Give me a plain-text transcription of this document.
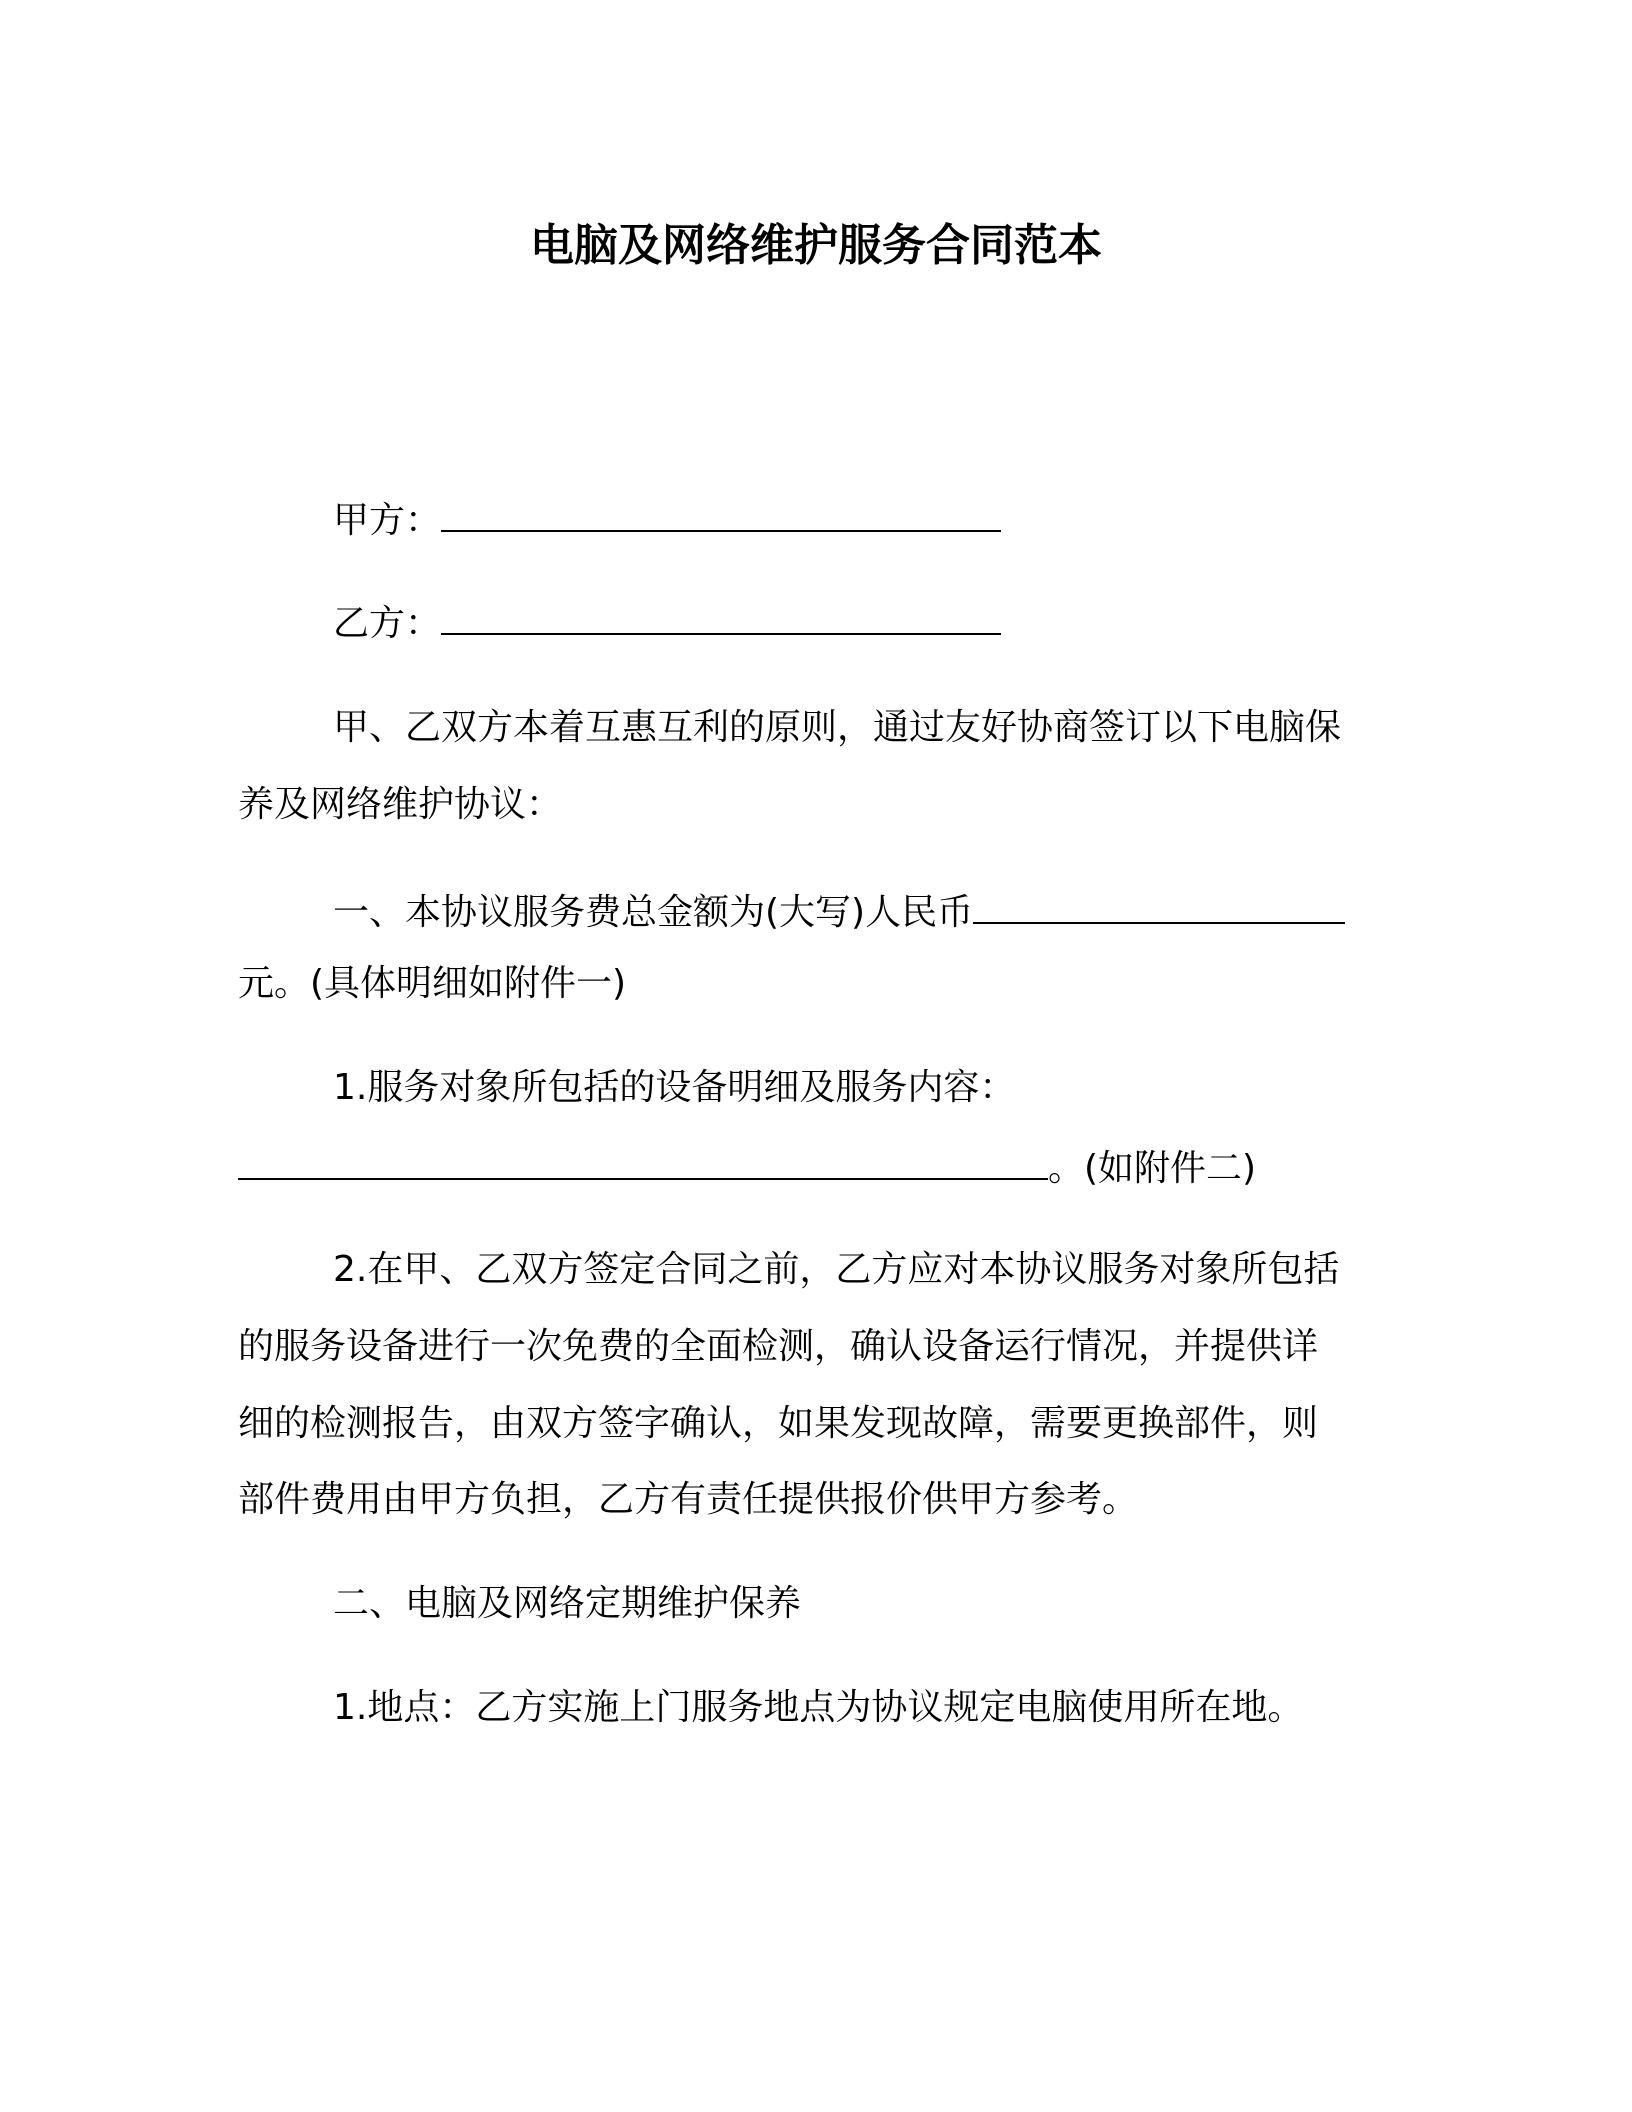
电脑及网络维护服务合同范本
甲方：
乙方：
甲、乙双方本着互惠互利的原则，通过友好协商签订以下电脑保
养及网络维护协议：
一、本协议服务费总金额为(大写)人民币
元。(具体明细如附件一)
1.服务对象所包括的设备明细及服务内容：
。(如附件二)
2.在甲、乙双方签定合同之前，乙方应对本协议服务对象所包括
的服务设备进行一次免费的全面检测，确认设备运行情况，并提供详
细的检测报告，由双方签字确认，如果发现故障，需要更换部件，则
部件费用由甲方负担，乙方有责任提供报价供甲方参考。
二、电脑及网络定期维护保养
1.地点：乙方实施上门服务地点为协议规定电脑使用所在地。
